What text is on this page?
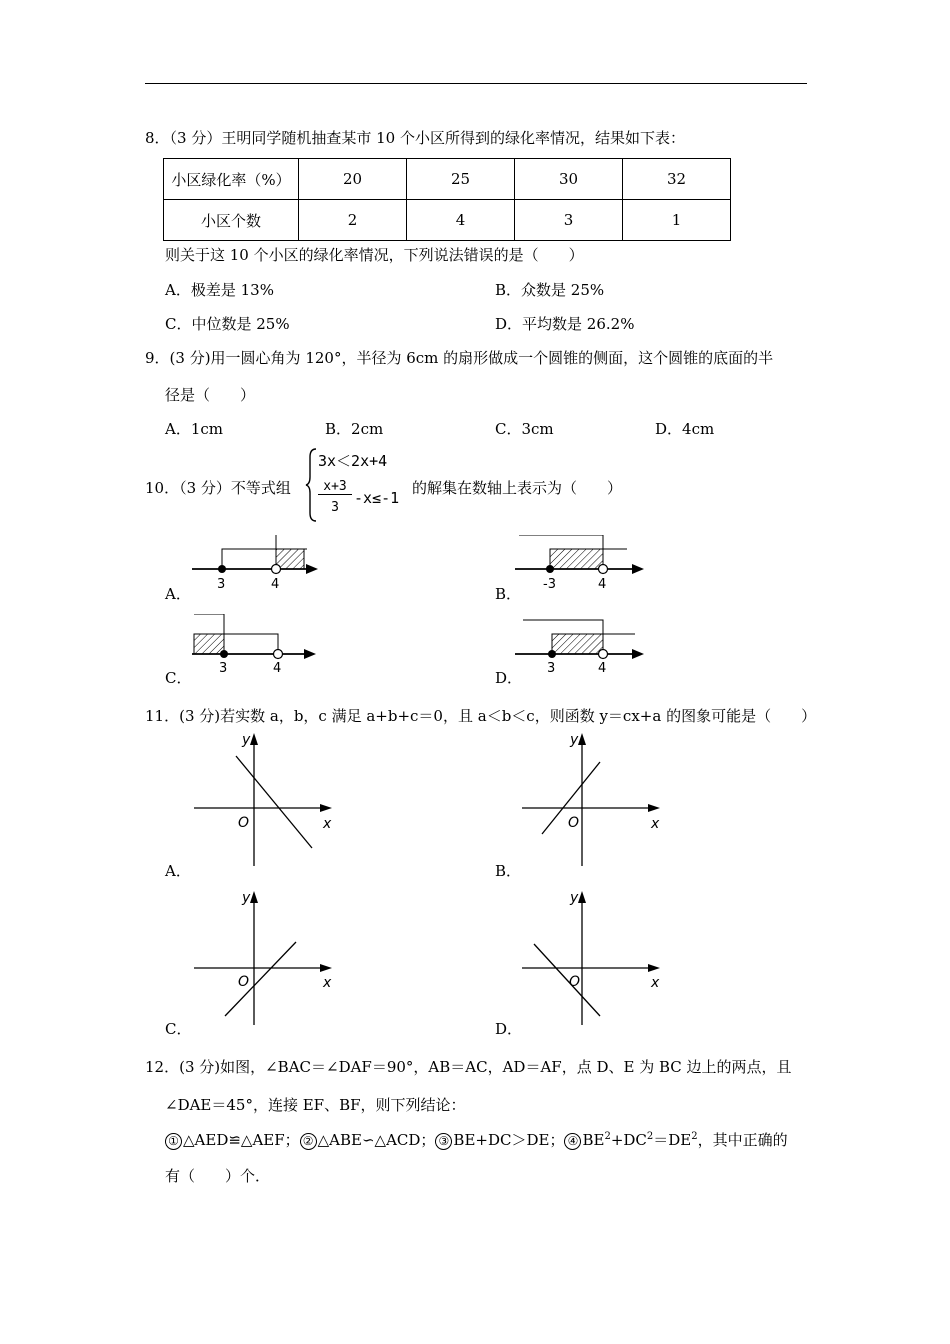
8．（3 分）王明同学随机抽查某市 10 个小区所得到的绿化率情况，结果如下表：
小区绿化率（%）	20	25	30	32
小区个数	2	4	3	1
则关于这 10 个小区的绿化率情况，下列说法错误的是（　　）
A．极差是 13%	B．众数是 25%
C．中位数是 25%	D．平均数是 26.2%
9．(3 分)用一圆心角为 120°，半径为 6cm 的扇形做成一个圆锥的侧面，这个圆锥的底面的半
径是（　　）
A．1cm	B．2cm	C．3cm	D．4cm
10．（3 分）不等式组
3x＜2x+4
x+3
3
-x≤-1
的解集在数轴上表示为（　　）
A．
3	4
B．
-3	4
C．
3	4
D．
3	4
11．(3 分)若实数 a，b，c 满足 a+b+c＝0，且 a＜b＜c，则函数 y＝cx+a 的图象可能是（　　）
A．
y
O	x
B．
y
O	x
C．
y
O	x
D．
y
O	x
12．(3 分)如图，∠BAC＝∠DAF＝90°，AB＝AC，AD＝AF，点 D、E 为 BC 边上的两点，且
∠DAE＝45°，连接 EF、BF，则下列结论：
① △AED≌△AEF； ② △ABE∽△ACD； ③ BE+DC＞DE； ④ $BE^2+DC^2=DE^2$，其中正确的
有（　　）个．
